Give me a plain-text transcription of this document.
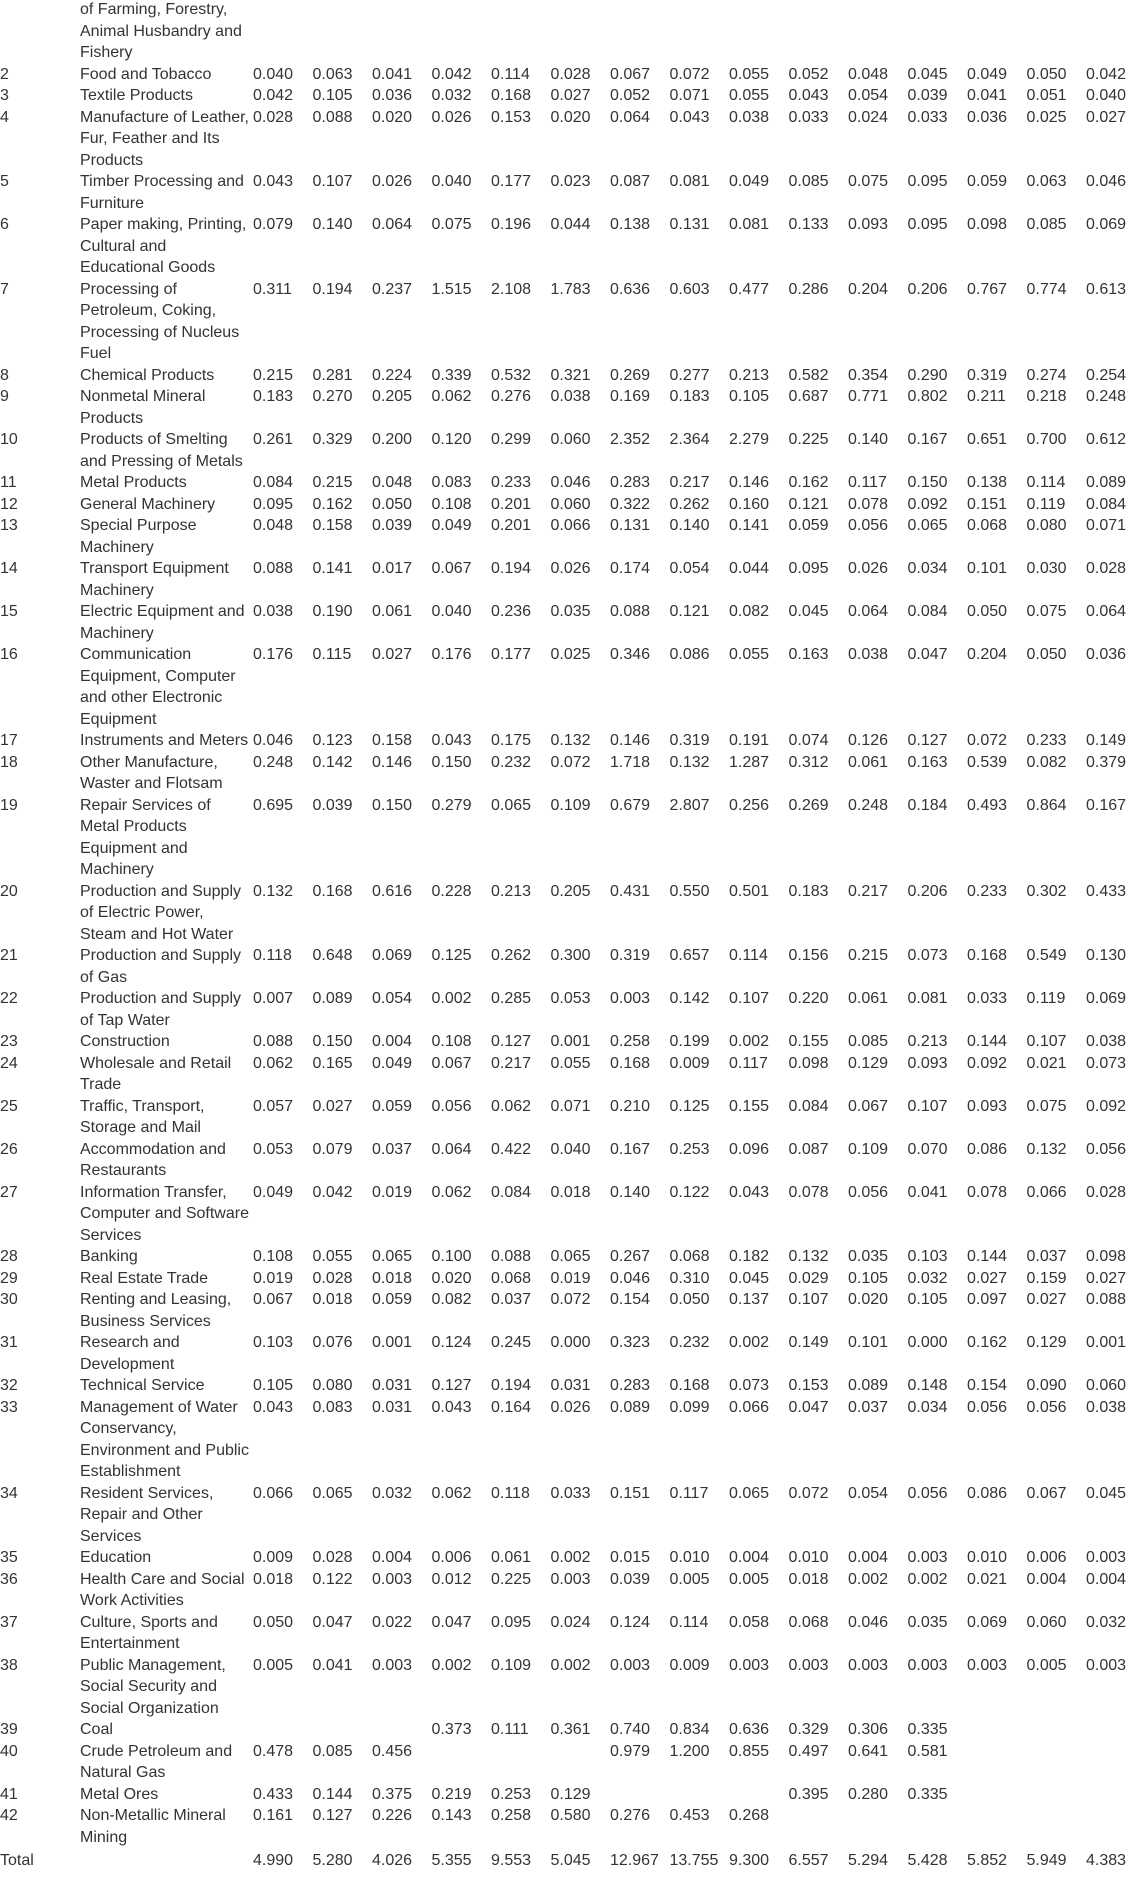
	of Farming, Forestry, Animal Husbandry and Fishery															
2	Food and Tobacco	0.040	0.063	0.041	0.042	0.114	0.028	0.067	0.072	0.055	0.052	0.048	0.045	0.049	0.050	0.042
3	Textile Products	0.042	0.105	0.036	0.032	0.168	0.027	0.052	0.071	0.055	0.043	0.054	0.039	0.041	0.051	0.040
4	Manufacture of Leather, Fur, Feather and Its Products	0.028	0.088	0.020	0.026	0.153	0.020	0.064	0.043	0.038	0.033	0.024	0.033	0.036	0.025	0.027
5	Timber Processing and Furniture	0.043	0.107	0.026	0.040	0.177	0.023	0.087	0.081	0.049	0.085	0.075	0.095	0.059	0.063	0.046
6	Paper making, Printing, Cultural and Educational Goods	0.079	0.140	0.064	0.075	0.196	0.044	0.138	0.131	0.081	0.133	0.093	0.095	0.098	0.085	0.069
7	Processing of Petroleum, Coking, Processing of Nucleus Fuel	0.311	0.194	0.237	1.515	2.108	1.783	0.636	0.603	0.477	0.286	0.204	0.206	0.767	0.774	0.613
8	Chemical Products	0.215	0.281	0.224	0.339	0.532	0.321	0.269	0.277	0.213	0.582	0.354	0.290	0.319	0.274	0.254
9	Nonmetal Mineral Products	0.183	0.270	0.205	0.062	0.276	0.038	0.169	0.183	0.105	0.687	0.771	0.802	0.211	0.218	0.248
10	Products of Smelting and Pressing of Metals	0.261	0.329	0.200	0.120	0.299	0.060	2.352	2.364	2.279	0.225	0.140	0.167	0.651	0.700	0.612
11	Metal Products	0.084	0.215	0.048	0.083	0.233	0.046	0.283	0.217	0.146	0.162	0.117	0.150	0.138	0.114	0.089
12	General Machinery	0.095	0.162	0.050	0.108	0.201	0.060	0.322	0.262	0.160	0.121	0.078	0.092	0.151	0.119	0.084
13	Special Purpose Machinery	0.048	0.158	0.039	0.049	0.201	0.066	0.131	0.140	0.141	0.059	0.056	0.065	0.068	0.080	0.071
14	Transport Equipment Machinery	0.088	0.141	0.017	0.067	0.194	0.026	0.174	0.054	0.044	0.095	0.026	0.034	0.101	0.030	0.028
15	Electric Equipment and Machinery	0.038	0.190	0.061	0.040	0.236	0.035	0.088	0.121	0.082	0.045	0.064	0.084	0.050	0.075	0.064
16	Communication Equipment, Computer and other Electronic Equipment	0.176	0.115	0.027	0.176	0.177	0.025	0.346	0.086	0.055	0.163	0.038	0.047	0.204	0.050	0.036
17	Instruments and Meters	0.046	0.123	0.158	0.043	0.175	0.132	0.146	0.319	0.191	0.074	0.126	0.127	0.072	0.233	0.149
18	Other Manufacture, Waster and Flotsam	0.248	0.142	0.146	0.150	0.232	0.072	1.718	0.132	1.287	0.312	0.061	0.163	0.539	0.082	0.379
19	Repair Services of Metal Products Equipment and Machinery	0.695	0.039	0.150	0.279	0.065	0.109	0.679	2.807	0.256	0.269	0.248	0.184	0.493	0.864	0.167
20	Production and Supply of Electric Power, Steam and Hot Water	0.132	0.168	0.616	0.228	0.213	0.205	0.431	0.550	0.501	0.183	0.217	0.206	0.233	0.302	0.433
21	Production and Supply of Gas	0.118	0.648	0.069	0.125	0.262	0.300	0.319	0.657	0.114	0.156	0.215	0.073	0.168	0.549	0.130
22	Production and Supply of Tap Water	0.007	0.089	0.054	0.002	0.285	0.053	0.003	0.142	0.107	0.220	0.061	0.081	0.033	0.119	0.069
23	Construction	0.088	0.150	0.004	0.108	0.127	0.001	0.258	0.199	0.002	0.155	0.085	0.213	0.144	0.107	0.038
24	Wholesale and Retail Trade	0.062	0.165	0.049	0.067	0.217	0.055	0.168	0.009	0.117	0.098	0.129	0.093	0.092	0.021	0.073
25	Traffic, Transport, Storage and Mail	0.057	0.027	0.059	0.056	0.062	0.071	0.210	0.125	0.155	0.084	0.067	0.107	0.093	0.075	0.092
26	Accommodation and Restaurants	0.053	0.079	0.037	0.064	0.422	0.040	0.167	0.253	0.096	0.087	0.109	0.070	0.086	0.132	0.056
27	Information Transfer, Computer and Software Services	0.049	0.042	0.019	0.062	0.084	0.018	0.140	0.122	0.043	0.078	0.056	0.041	0.078	0.066	0.028
28	Banking	0.108	0.055	0.065	0.100	0.088	0.065	0.267	0.068	0.182	0.132	0.035	0.103	0.144	0.037	0.098
29	Real Estate Trade	0.019	0.028	0.018	0.020	0.068	0.019	0.046	0.310	0.045	0.029	0.105	0.032	0.027	0.159	0.027
30	Renting and Leasing, Business Services	0.067	0.018	0.059	0.082	0.037	0.072	0.154	0.050	0.137	0.107	0.020	0.105	0.097	0.027	0.088
31	Research and Development	0.103	0.076	0.001	0.124	0.245	0.000	0.323	0.232	0.002	0.149	0.101	0.000	0.162	0.129	0.001
32	Technical Service	0.105	0.080	0.031	0.127	0.194	0.031	0.283	0.168	0.073	0.153	0.089	0.148	0.154	0.090	0.060
33	Management of Water Conservancy, Environment and Public Establishment	0.043	0.083	0.031	0.043	0.164	0.026	0.089	0.099	0.066	0.047	0.037	0.034	0.056	0.056	0.038
34	Resident Services, Repair and Other Services	0.066	0.065	0.032	0.062	0.118	0.033	0.151	0.117	0.065	0.072	0.054	0.056	0.086	0.067	0.045
35	Education	0.009	0.028	0.004	0.006	0.061	0.002	0.015	0.010	0.004	0.010	0.004	0.003	0.010	0.006	0.003
36	Health Care and Social Work Activities	0.018	0.122	0.003	0.012	0.225	0.003	0.039	0.005	0.005	0.018	0.002	0.002	0.021	0.004	0.004
37	Culture, Sports and Entertainment	0.050	0.047	0.022	0.047	0.095	0.024	0.124	0.114	0.058	0.068	0.046	0.035	0.069	0.060	0.032
38	Public Management, Social Security and Social Organization	0.005	0.041	0.003	0.002	0.109	0.002	0.003	0.009	0.003	0.003	0.003	0.003	0.003	0.005	0.003
39	Coal				0.373	0.111	0.361	0.740	0.834	0.636	0.329	0.306	0.335			
40	Crude Petroleum and Natural Gas	0.478	0.085	0.456				0.979	1.200	0.855	0.497	0.641	0.581			
41	Metal Ores	0.433	0.144	0.375	0.219	0.253	0.129				0.395	0.280	0.335			
42	Non-Metallic Mineral Mining	0.161	0.127	0.226	0.143	0.258	0.580	0.276	0.453	0.268						
Total		4.990	5.280	4.026	5.355	9.553	5.045	12.967	13.755	9.300	6.557	5.294	5.428	5.852	5.949	4.383
